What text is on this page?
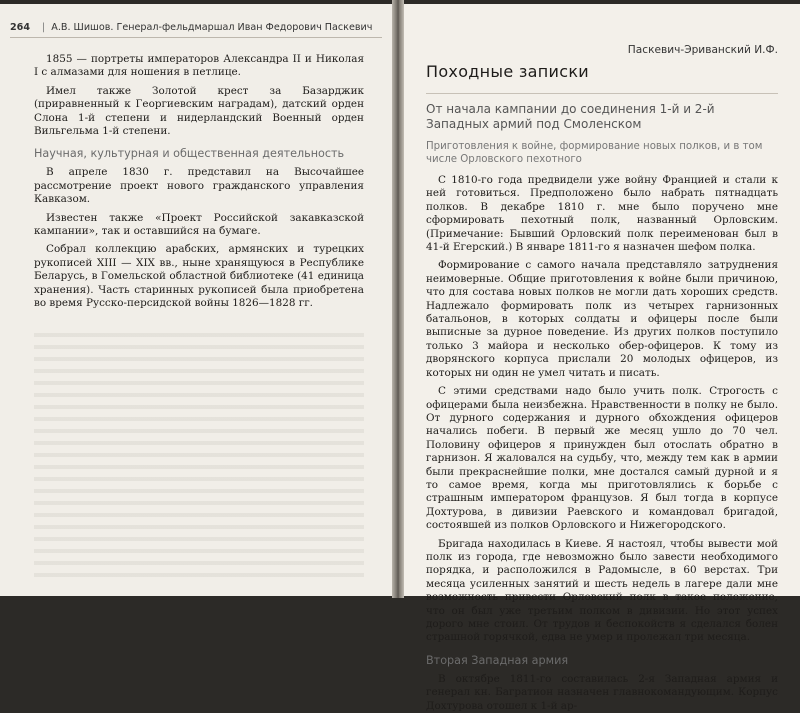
264 | А.В. Шишов. Генерал-фельдмаршал Иван Федорович Паскевич

1855 — портреты императоров Александра II и Николая I с алмазами для ношения в петлице.

Имел также Золотой крест за Базарджик (приравненный к Георгиевским наградам), датский орден Слона 1-й степени и нидерландский Военный орден Вильгельма 1-й степени.

Научная, культурная и общественная деятельность

В апреле 1830 г. представил на Высочайшее рассмотрение проект нового гражданского управления Кавказом.

Известен также «Проект Российской закавказской кампании», так и оставшийся на бумаге.

Собрал коллекцию арабских, армянских и турецких рукописей XIII — XIX вв., ныне хранящуюся в Республике Беларусь, в Гомельской областной библиотеке (41 единица хранения). Часть старинных рукописей была приобретена во время Русско-персидской войны 1826—1828 гг.

Паскевич-Эриванский И.Ф.
Походные записки
От начала кампании до соединения 1-й и 2-й Западных армий под Смоленском
Приготовления к войне, формирование новых полков, и в том числе Орловского пехотного

С 1810-го года предвидели уже войну Францией и стали к ней готовиться. Предположено было набрать пятнадцать полков. В декабре 1810 г. мне было поручено мне сформировать пехотный полк, названный Орловским. (Примечание: Бывший Орловский полк переименован был в 41-й Егерский.) В январе 1811-го я назначен шефом полка.

Формирование с самого начала представляло затруднения неимоверные. Общие приготовления к войне были причиною, что для состава новых полков не могли дать хороших средств. Надлежало формировать полк из четырех гарнизонных батальонов, в которых солдаты и офицеры после были выписные за дурное поведение. Из других полков поступило только 3 майора и несколько обер-офицеров. К тому из дворянского корпуса прислали 20 молодых офицеров, из которых ни один не умел читать и писать.

С этими средствами надо было учить полк. Строгость с офицерами была неизбежна. Нравственности в полку не было. От дурного содержания и дурного обхождения офицеров начались побеги. В первый же месяц ушло до 70 чел. Половину офицеров я принужден был отослать обратно в гарнизон. Я жаловался на судьбу, что, между тем как в армии были прекраснейшие полки, мне достался самый дурной и я то самое время, когда мы приготовлялись к борьбе с страшным императором французов. Я был тогда в корпусе Дохтурова, в дивизии Раевского и командовал бригадой, состоявшей из полков Орловского и Нижегородского.

Бригада находилась в Киеве. Я настоял, чтобы вывести мой полк из города, где невозможно было завести необходимого порядка, и расположился в Радомысле, в 60 верстах. Три месяца усиленных занятий и шесть недель в лагере дали мне возможность привести Орловский полк в такое положение, что он был уже третьим полком в дивизии. Но этот успех дорого мне стоил. От трудов и беспокойств я сделался болен страшной горячкой, едва не умер и пролежал три месяца.

Вторая Западная армия

В октябре 1811-го составилась 2-я Западная армия и генерал кн. Багратион назначен главнокомандующим. Корпус Дохтурова отошел к 1-й ар-
